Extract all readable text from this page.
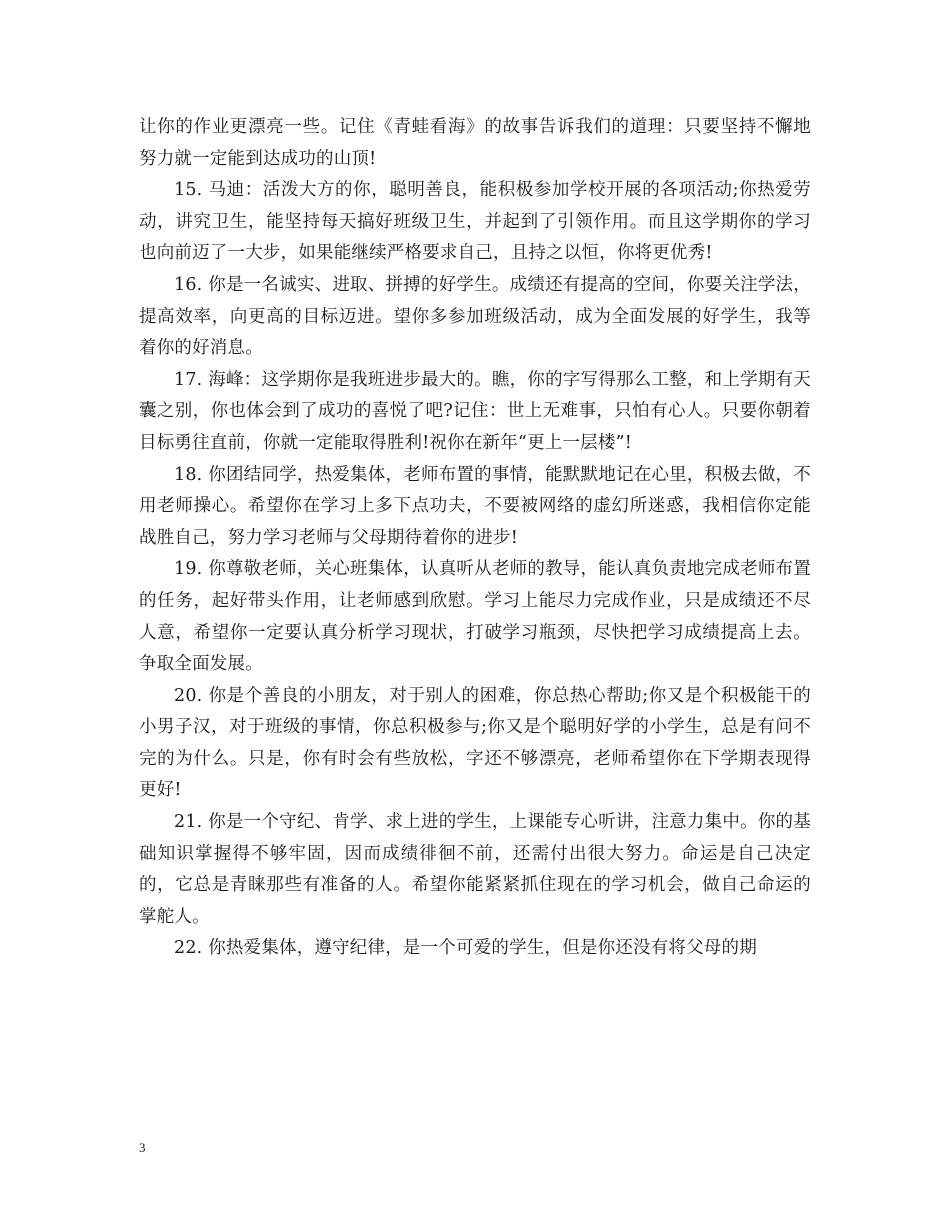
让你的作业更漂亮一些。记住《青蛙看海》的故事告诉我们的道理：只要坚持不懈地努力就一定能到达成功的山顶!

15. 马迪：活泼大方的你，聪明善良，能积极参加学校开展的各项活动;你热爱劳动，讲究卫生，能坚持每天搞好班级卫生，并起到了引领作用。而且这学期你的学习也向前迈了一大步，如果能继续严格要求自己，且持之以恒，你将更优秀!

16. 你是一名诚实、进取、拼搏的好学生。成绩还有提高的空间，你要关注学法，提高效率，向更高的目标迈进。望你多参加班级活动，成为全面发展的好学生，我等着你的好消息。

17. 海峰：这学期你是我班进步最大的。瞧，你的字写得那么工整，和上学期有天囊之别，你也体会到了成功的喜悦了吧?记住：世上无难事，只怕有心人。只要你朝着目标勇往直前，你就一定能取得胜利!祝你在新年“更上一层楼”!

18. 你团结同学，热爱集体，老师布置的事情，能默默地记在心里，积极去做，不用老师操心。希望你在学习上多下点功夫，不要被网络的虚幻所迷惑，我相信你定能战胜自己，努力学习老师与父母期待着你的进步!

19. 你尊敬老师，关心班集体，认真听从老师的教导，能认真负责地完成老师布置的任务，起好带头作用，让老师感到欣慰。学习上能尽力完成作业，只是成绩还不尽人意，希望你一定要认真分析学习现状，打破学习瓶颈，尽快把学习成绩提高上去。争取全面发展。

20. 你是个善良的小朋友，对于别人的困难，你总热心帮助;你又是个积极能干的小男子汉，对于班级的事情，你总积极参与;你又是个聪明好学的小学生，总是有问不完的为什么。只是，你有时会有些放松，字还不够漂亮，老师希望你在下学期表现得更好!

21. 你是一个守纪、肯学、求上进的学生，上课能专心听讲，注意力集中。你的基础知识掌握得不够牢固，因而成绩徘徊不前，还需付出很大努力。命运是自己决定的，它总是青睐那些有准备的人。希望你能紧紧抓住现在的学习机会，做自己命运的掌舵人。

22. 你热爱集体，遵守纪律，是一个可爱的学生，但是你还没有将父母的期

3
